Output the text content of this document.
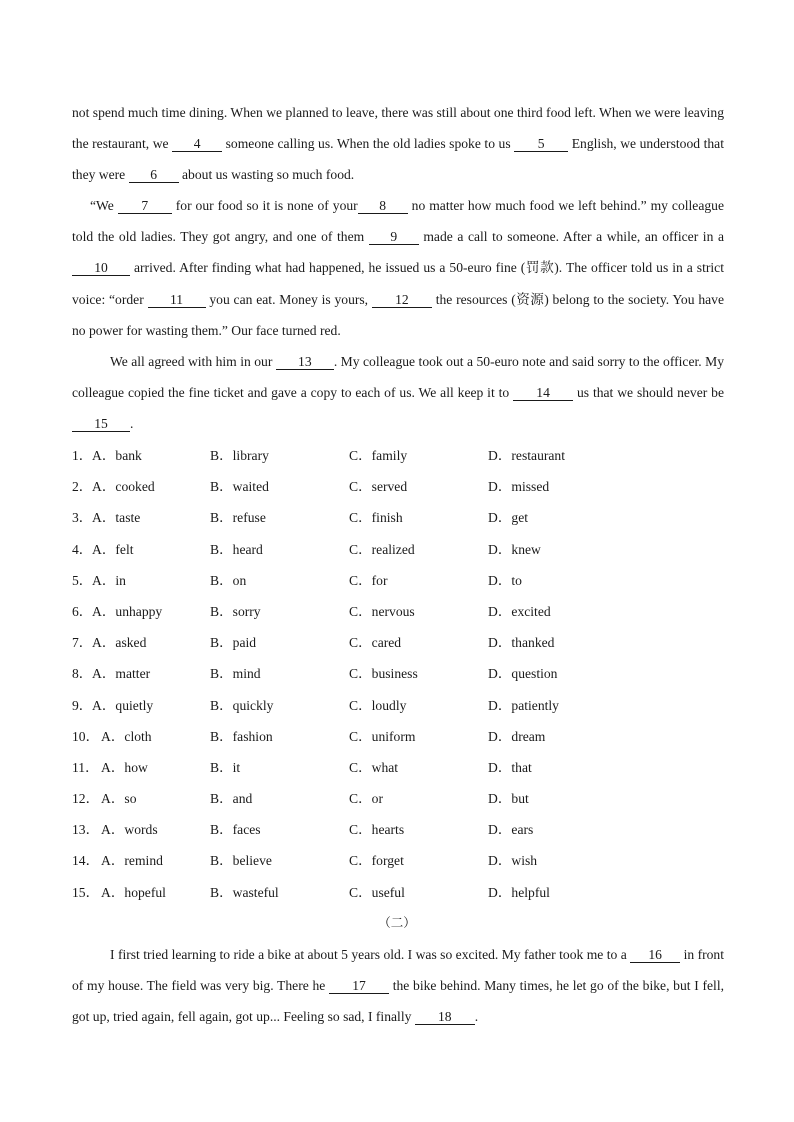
not spend much time dining. When we planned to leave, there was still about one third food left. When we were leaving the restaurant, we 4 someone calling us. When the old ladies spoke to us 5 English, we understood that they were 6 about us wasting so much food.
“We 7 for our food so it is none of your 8 no matter how much food we left behind.” my colleague told the old ladies. They got angry, and one of them 9 made a call to someone. After a while, an officer in a 10 arrived. After finding what had happened, he issued us a 50-euro fine (罚款). The officer told us in a strict voice: “order 11 you can eat. Money is yours, 12 the resources (资源) belong to the society. You have no power for wasting them.” Our face turned red.
We all agreed with him in our 13 . My colleague took out a 50-euro note and said sorry to the officer. My colleague copied the fine ticket and gave a copy to each of us. We all keep it to 14 us that we should never be 15 .
1． A．bank	B．library	C．family	D．restaurant
2． A．cooked	B．waited	C．served	D．missed
3． A．taste	B．refuse	C．finish	D．get
4． A．felt	B．heard	C．realized	D．knew
5． A．in	B．on	C．for	D．to
6． A．unhappy	B．sorry	C．nervous	D．excited
7． A．asked	B．paid	C．cared	D．thanked
8． A．matter	B．mind	C．business	D．question
9． A．quietly	B．quickly	C．loudly	D．patiently
10． A．cloth	B．fashion	C．uniform	D．dream
11． A．how	B．it	C．what	D．that
12． A．so	B．and	C．or	D．but
13． A．words	B．faces	C．hearts	D．ears
14． A．remind	B．believe	C．forget	D．wish
15． A．hopeful	B．wasteful	C．useful	D．helpful
（二）
I first tried learning to ride a bike at about 5 years old. I was so excited. My father took me to a 16 in front of my house. The field was very big. There he 17 the bike behind. Many times, he let go of the bike, but I fell, got up, tried again, fell again, got up... Feeling so sad, I finally 18 .
